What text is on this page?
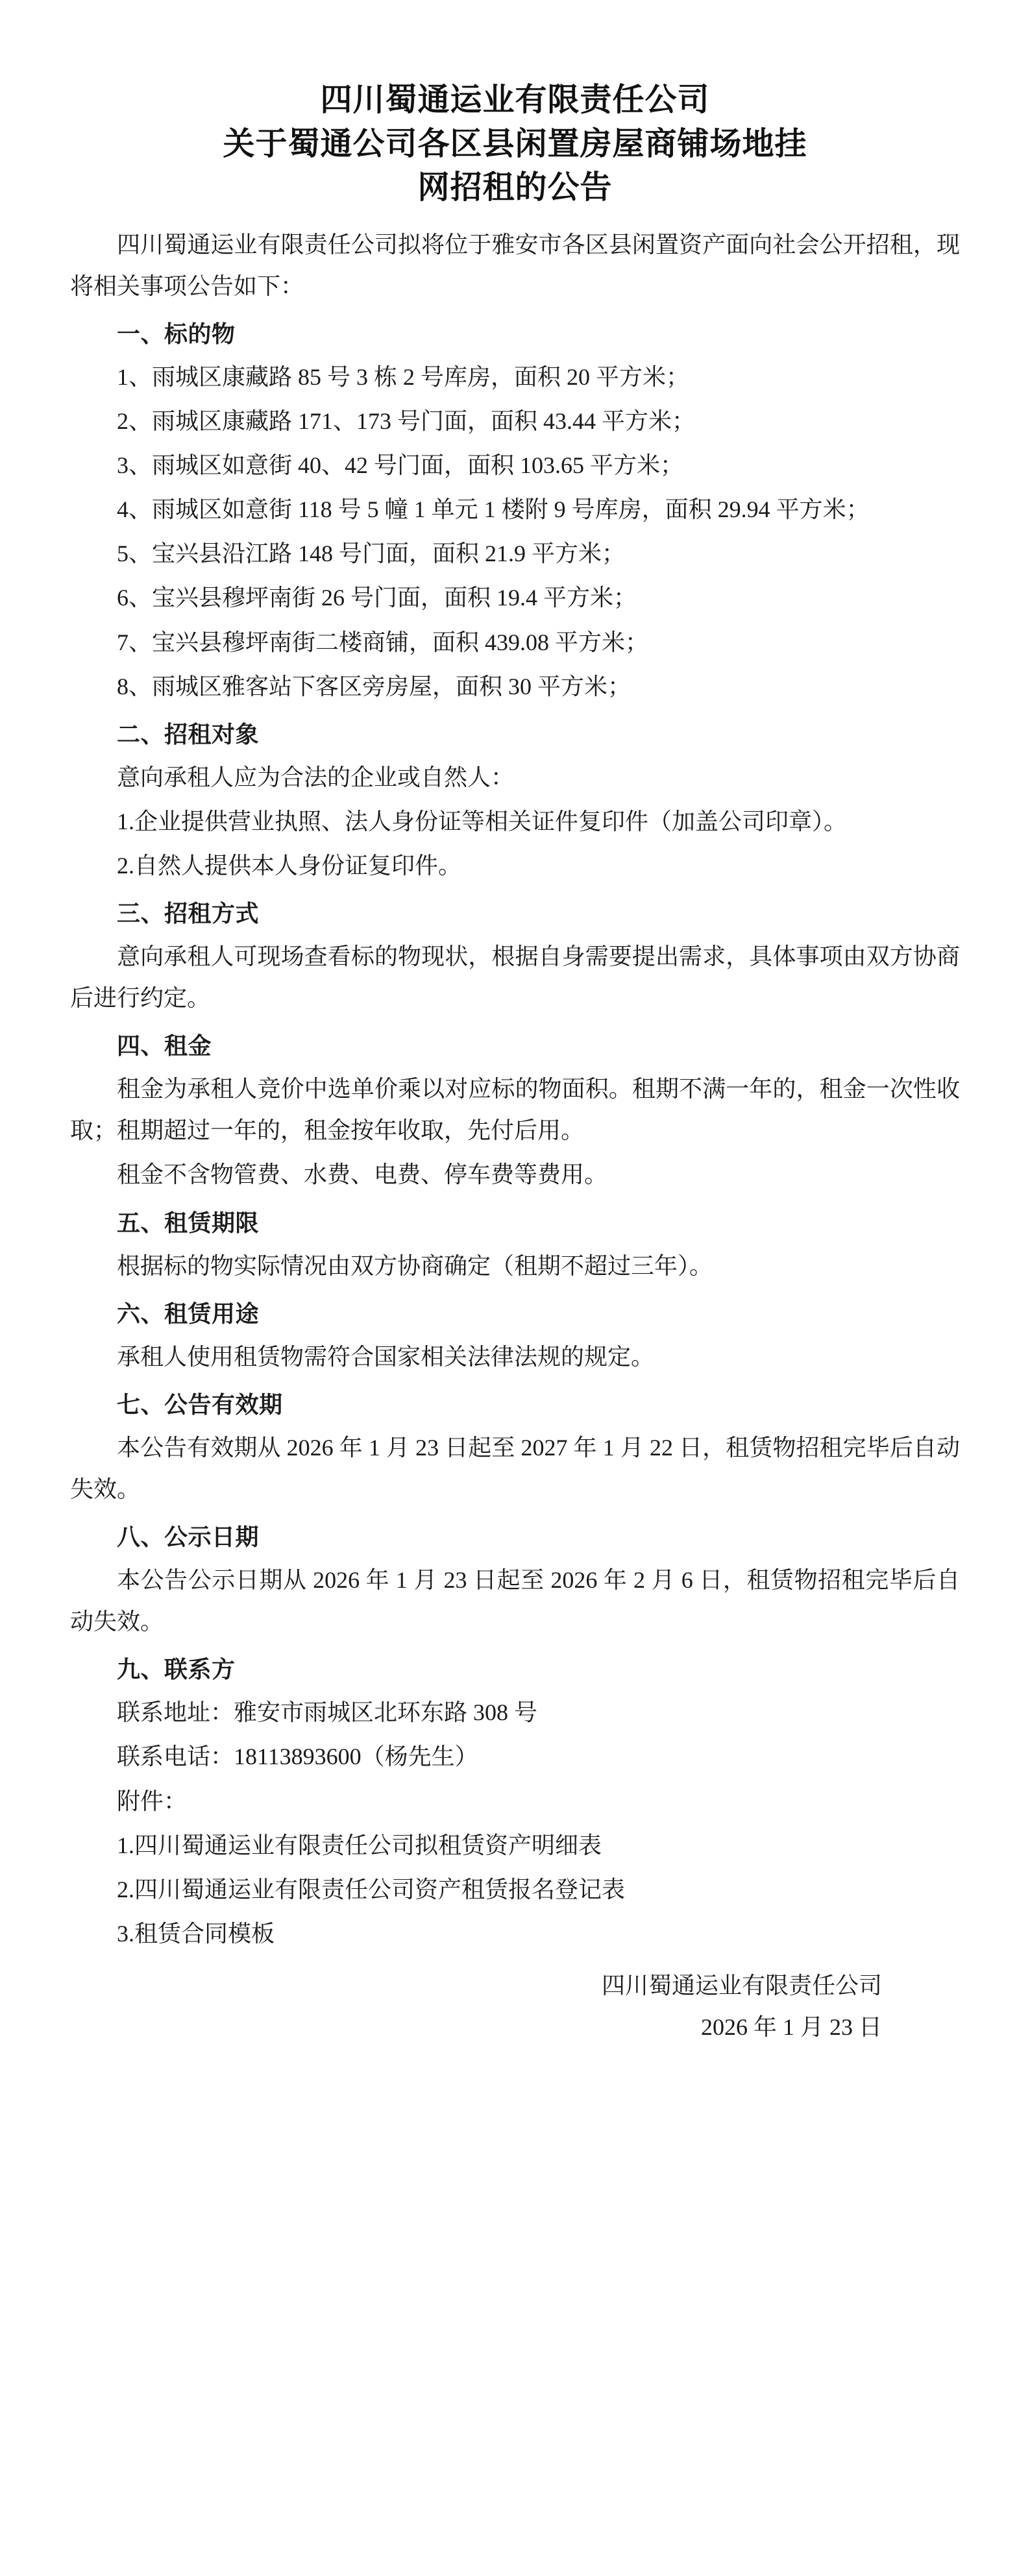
四川蜀通运业有限责任公司
关于蜀通公司各区县闲置房屋商铺场地挂
网招租的公告

四川蜀通运业有限责任公司拟将位于雅安市各区县闲置资产面向社会公开招租，现将相关事项公告如下：

一、标的物

1、雨城区康藏路 85 号 3 栋 2 号库房，面积 20 平方米；

2、雨城区康藏路 171、173 号门面，面积 43.44 平方米；

3、雨城区如意街 40、42 号门面，面积 103.65 平方米；

4、雨城区如意街 118 号 5 幢 1 单元 1 楼附 9 号库房，面积 29.94 平方米；

5、宝兴县沿江路 148 号门面，面积 21.9 平方米；

6、宝兴县穆坪南街 26 号门面，面积 19.4 平方米；

7、宝兴县穆坪南街二楼商铺，面积 439.08 平方米；

8、雨城区雅客站下客区旁房屋，面积 30 平方米；

二、招租对象

意向承租人应为合法的企业或自然人：

1.企业提供营业执照、法人身份证等相关证件复印件（加盖公司印章）。

2.自然人提供本人身份证复印件。

三、招租方式

意向承租人可现场查看标的物现状，根据自身需要提出需求，具体事项由双方协商后进行约定。

四、租金

租金为承租人竞价中选单价乘以对应标的物面积。租期不满一年的，租金一次性收取；租期超过一年的，租金按年收取，先付后用。

租金不含物管费、水费、电费、停车费等费用。

五、租赁期限

根据标的物实际情况由双方协商确定（租期不超过三年）。

六、租赁用途

承租人使用租赁物需符合国家相关法律法规的规定。

七、公告有效期

本公告有效期从 2026 年 1 月 23 日起至 2027 年 1 月 22 日，租赁物招租完毕后自动失效。

八、公示日期

本公告公示日期从 2026 年 1 月 23 日起至 2026 年 2 月 6 日，租赁物招租完毕后自动失效。

九、联系方

联系地址：雅安市雨城区北环东路 308 号

联系电话：18113893600（杨先生）

附件：

1.四川蜀通运业有限责任公司拟租赁资产明细表

2.四川蜀通运业有限责任公司资产租赁报名登记表

3.租赁合同模板

四川蜀通运业有限责任公司

2026 年 1 月 23 日
